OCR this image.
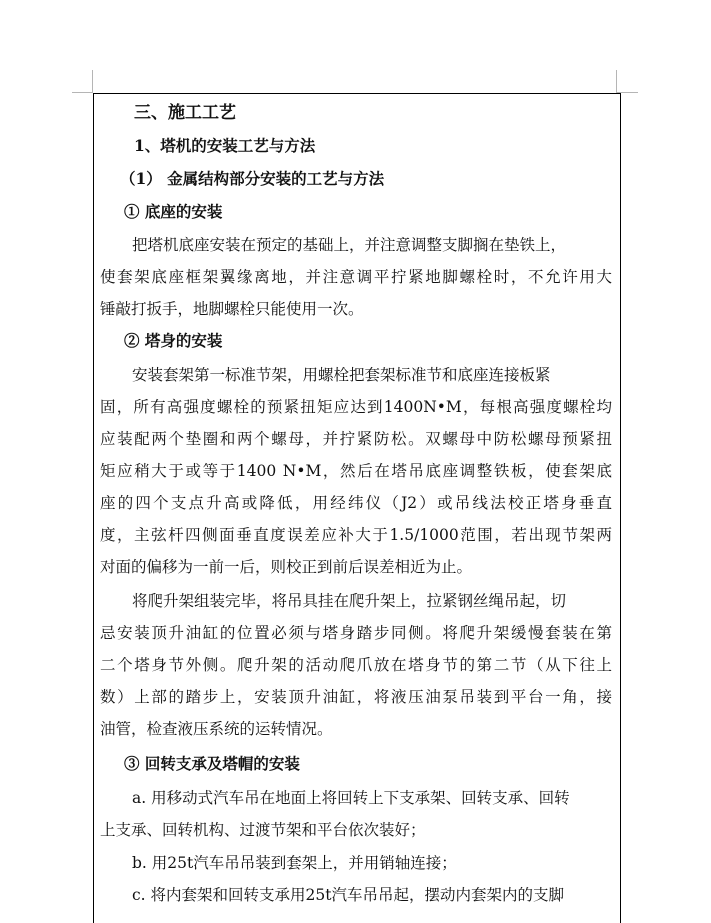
三、施工工艺
1、塔机的安装工艺与方法
（1） 金属结构部分安装的工艺与方法
① 底座的安装
把塔机底座安装在预定的基础上，并注意调整支脚搁在垫铁上，
使套架底座框架翼缘离地，并注意调平拧紧地脚螺栓时，不允许用大
锤敲打扳手，地脚螺栓只能使用一次。
② 塔身的安装
安装套架第一标准节架，用螺栓把套架标准节和底座连接板紧
固，所有高强度螺栓的预紧扭矩应达到1400N•M，每根高强度螺栓均
应装配两个垫圈和两个螺母，并拧紧防松。双螺母中防松螺母预紧扭
矩应稍大于或等于1400 N•M，然后在塔吊底座调整铁板，使套架底
座的四个支点升高或降低，用经纬仪（J2）或吊线法校正塔身垂直
度，主弦杆四侧面垂直度误差应补大于1.5/1000范围，若出现节架两
对面的偏移为一前一后，则校正到前后误差相近为止。
将爬升架组装完毕，将吊具挂在爬升架上，拉紧钢丝绳吊起，切
忌安装顶升油缸的位置必须与塔身踏步同侧。将爬升架缓慢套装在第
二个塔身节外侧。爬升架的活动爬爪放在塔身节的第二节（从下往上
数）上部的踏步上，安装顶升油缸，将液压油泵吊装到平台一角，接
油管，检查液压系统的运转情况。
③ 回转支承及塔帽的安装
a. 用移动式汽车吊在地面上将回转上下支承架、回转支承、回转
上支承、回转机构、过渡节架和平台依次装好；
b. 用25t汽车吊吊装到套架上，并用销轴连接；
c. 将内套架和回转支承用25t汽车吊吊起，摆动内套架内的支脚
